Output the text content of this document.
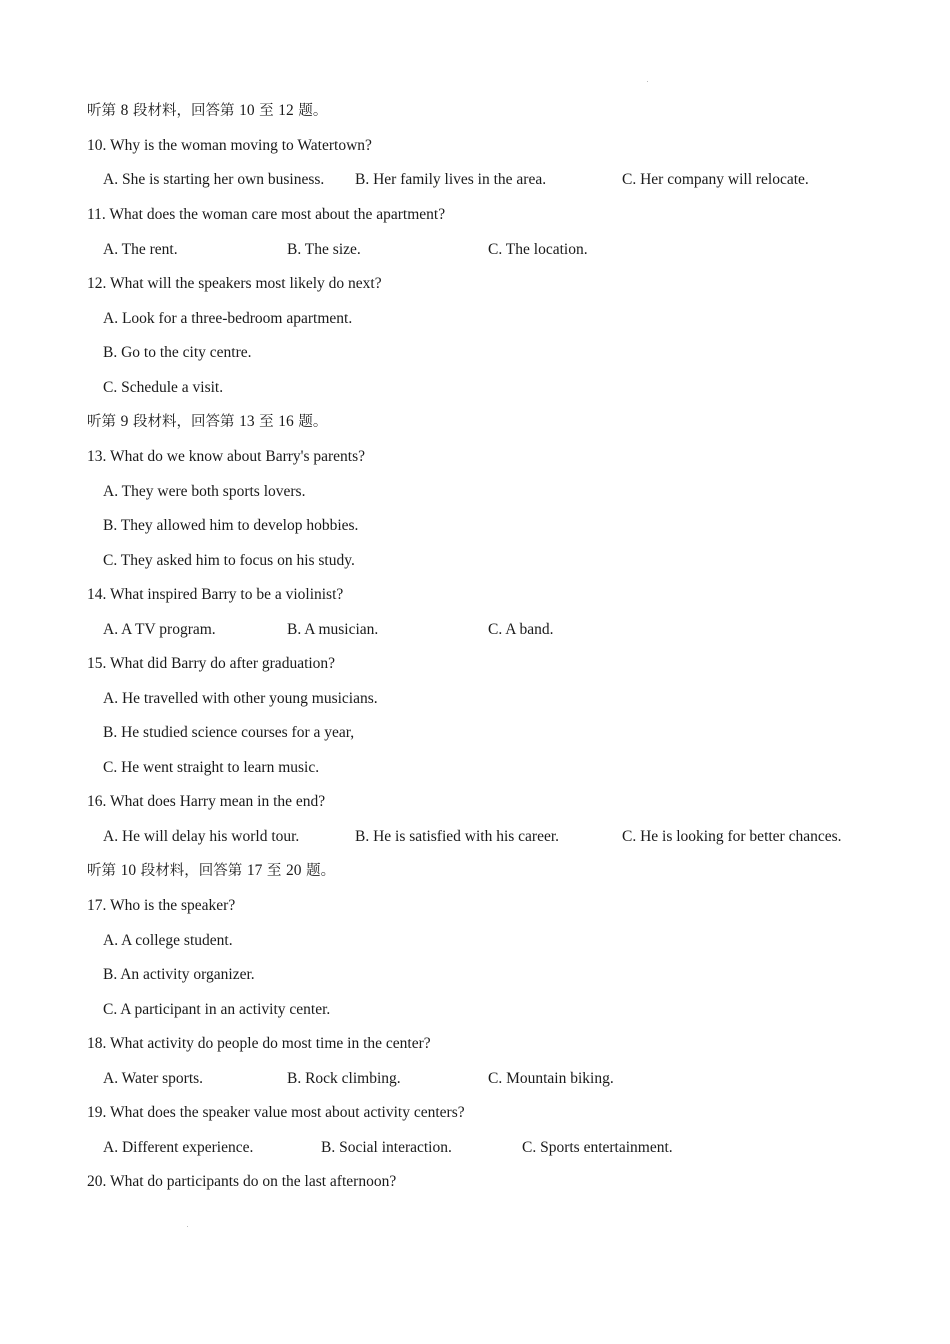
听第 8 段材料，回答第 10 至 12 题。
10. Why is the woman moving to Watertown?
A. She is starting her own business. B. Her family lives in the area.	C. Her company will relocate.
11. What does the woman care most about the apartment?
A. The rent.	B. The size.	C. The location.
12. What will the speakers most likely do next?
A. Look for a three-bedroom apartment.
B. Go to the city centre.
C. Schedule a visit.
听第 9 段材料，回答第 13 至 16 题。
13. What do we know about Barry's parents?
A. They were both sports lovers.
B. They allowed him to develop hobbies.
C. They asked him to focus on his study.
14. What inspired Barry to be a violinist?
A. A TV program.	B. A musician.	C. A band.
15. What did Barry do after graduation?
A. He travelled with other young musicians.
B. He studied science courses for a year,
C. He went straight to learn music.
16. What does Harry mean in the end?
A. He will delay his world tour.	B. He is satisfied with his career.	C. He is looking for better chances.
听第 10 段材料，回答第 17 至 20 题。
17. Who is the speaker?
A. A college student.
B. An activity organizer.
C. A participant in an activity center.
18. What activity do people do most time in the center?
A. Water sports.	B. Rock climbing.	C. Mountain biking.
19. What does the speaker value most about activity centers?
A. Different experience.	B. Social interaction.	C. Sports entertainment.
20. What do participants do on the last afternoon?
